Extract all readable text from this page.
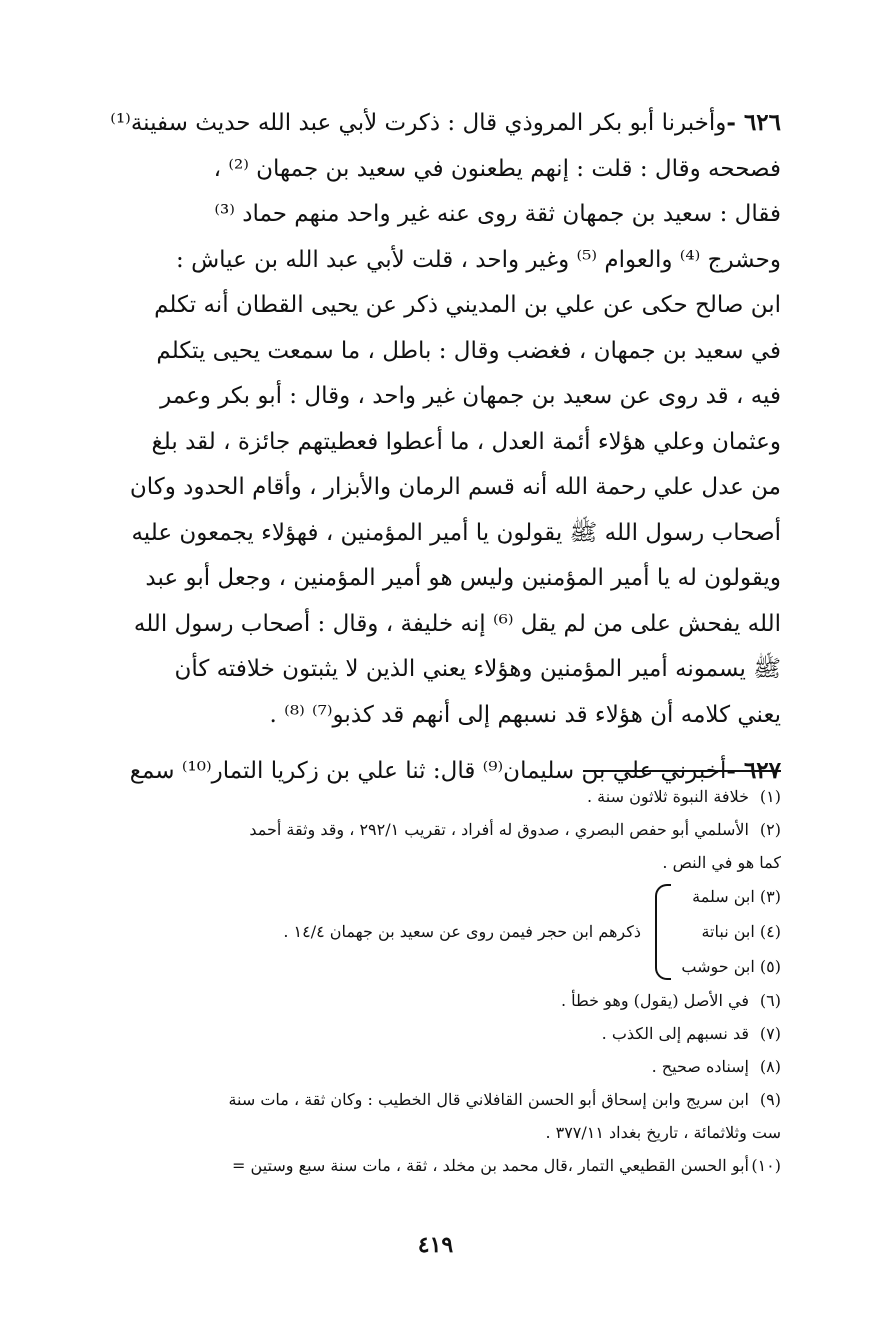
٦٢٦ -وأخبرنا أبو بكر المروذي قال : ذكرت لأبي عبد الله حديث سفينة⁽¹⁾

فصححه وقال : قلت : إنهم يطعنون في سعيد بن جمهان ⁽²⁾ ،

فقال : سعيد بن جمهان ثقة روى عنه غير واحد منهم حماد ⁽³⁾

وحشرج ⁽⁴⁾ والعوام ⁽⁵⁾ وغير واحد ، قلت لأبي عبد الله بن عياش :

ابن صالح حكى عن علي بن المديني ذكر عن يحيى القطان أنه تكلم

في سعيد بن جمهان ، فغضب وقال : باطل ، ما سمعت يحيى يتكلم

فيه ، قد روى عن سعيد بن جمهان غير واحد ، وقال : أبو بكر وعمر

وعثمان وعلي هؤلاء أئمة العدل ، ما أعطوا فعطيتهم جائزة ، لقد بلغ

من عدل علي رحمة الله أنه قسم الرمان والأبزار ، وأقام الحدود وكان

أصحاب رسول الله ﷺ يقولون يا أمير المؤمنين ، فهؤلاء يجمعون عليه

ويقولون له يا أمير المؤمنين وليس هو أمير المؤمنين ، وجعل أبو عبد

الله يفحش على من لم يقل ⁽⁶⁾ إنه خليفة ، وقال : أصحاب رسول الله

ﷺ يسمونه أمير المؤمنين وهؤلاء يعني الذين لا يثبتون خلافته كأن

يعني كلامه أن هؤلاء قد نسبهم إلى أنهم قد كذبو⁽⁷⁾ ⁽⁸⁾ .

٦٢٧ -أخبرني علي بن سليمان⁽⁹⁾ قال: ثنا علي بن زكريا التمار⁽¹⁰⁾ سمع

(١)خلافة النبوة ثلاثون سنة .

(٢)الأسلمي أبو حفص البصري ، صدوق له أفراد ، تقريب ٢٩٢/١ ، وقد وثقة أحمد

كما هو في النص .

(٣) ابن سلمة
(٤) ابن نباتة
(٥) ابن حوشب
ذكرهم ابن حجر فيمن روى عن سعيد بن جهمان ١٤/٤ .

(٦)في الأصل (يقول) وهو خطأ .

(٧)قد نسبهم إلى الكذب .

(٨)إسناده صحيح .

(٩)ابن سريج وابن إسحاق أبو الحسن القافلاني قال الخطيب : وكان ثقة ، مات سنة

ست وثلاثمائة ، تاريخ بغداد ٣٧٧/١١ .

(١٠)أبو الحسن القطيعي التمار ،قال محمد بن مخلد ، ثقة ، مات سنة سبع وستين =

٤١٩
